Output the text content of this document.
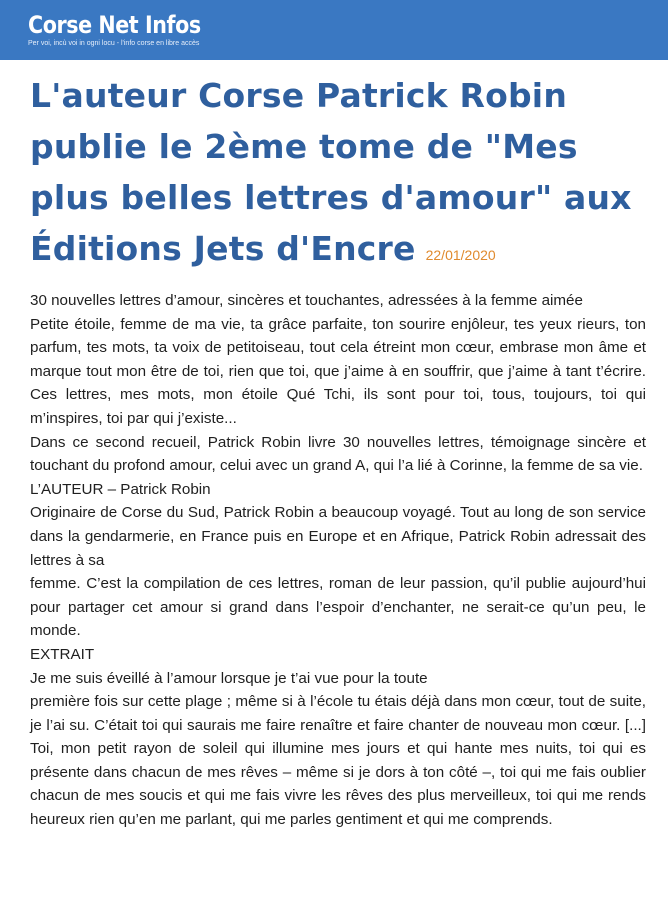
Corse Net Infos
Per voi, incù voi in ogni locu - l'info corse en libre accès
L'auteur Corse Patrick Robin publie le 2ème tome de "Mes plus belles lettres d'amour" aux Éditions Jets d'Encre 22/01/2020

30 nouvelles lettres d’amour, sincères et touchantes, adressées à la femme aimée

Petite étoile, femme de ma vie, ta grâce parfaite, ton sourire enjôleur, tes yeux rieurs, ton parfum, tes mots, ta voix de petitoiseau, tout cela étreint mon cœur, embrase mon âme et marque tout mon être de toi, rien que toi, que j’aime à en souffrir, que j’aime à tant t’écrire. Ces lettres, mes mots, mon étoile Qué Tchi, ils sont pour toi, tous, toujours, toi qui m’inspires, toi par qui j’existe...

Dans ce second recueil, Patrick Robin livre 30 nouvelles lettres, témoignage sincère et touchant du profond amour, celui avec un grand A, qui l’a lié à Corinne, la femme de sa vie.

L’AUTEUR – Patrick Robin

Originaire de Corse du Sud, Patrick Robin a beaucoup voyagé. Tout au long de son service dans la gendarmerie, en France puis en Europe et en Afrique, Patrick Robin adressait des lettres à sa

femme. C’est la compilation de ces lettres, roman de leur passion, qu’il publie aujourd’hui pour partager cet amour si grand dans l’espoir d’enchanter, ne serait-ce qu’un peu, le monde.

EXTRAIT

Je me suis éveillé à l’amour lorsque je t’ai vue pour la toute

première fois sur cette plage ; même si à l’école tu étais déjà dans mon cœur, tout de suite, je l’ai su. C’était toi qui saurais me faire renaître et faire chanter de nouveau mon cœur. [...] Toi, mon petit rayon de soleil qui illumine mes jours et qui hante mes nuits, toi qui es présente dans chacun de mes rêves – même si je dors à ton côté –, toi qui me fais oublier chacun de mes soucis et qui me fais vivre les rêves des plus merveilleux, toi qui me rends heureux rien qu’en me parlant, qui me parles gentiment et qui me comprends.
